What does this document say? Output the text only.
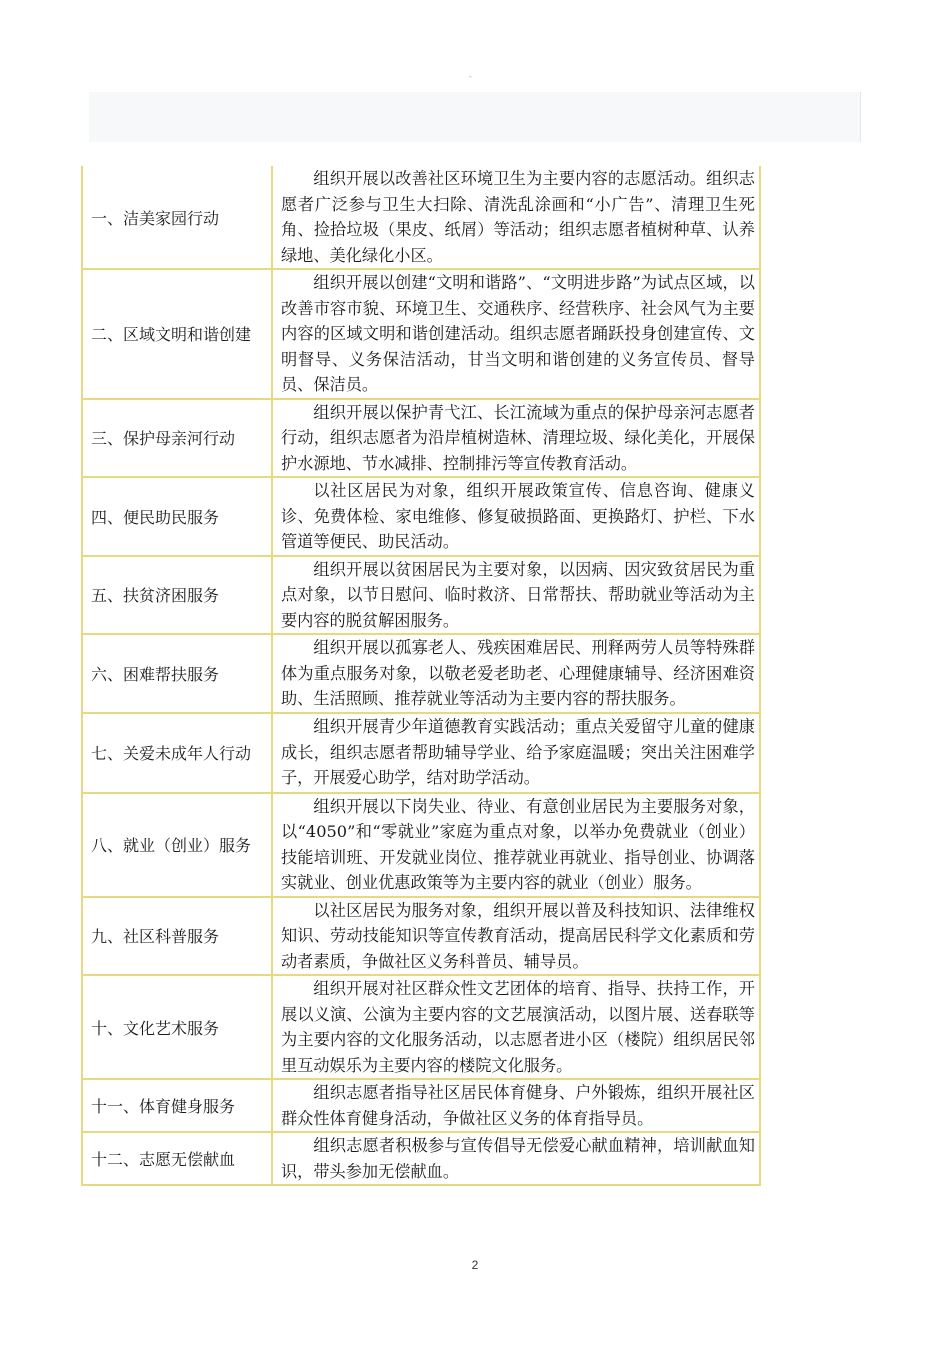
-
一、洁美家园行动	组织开展以改善社区环境卫生为主要内容的志愿活动。组织志愿者广泛参与卫生大扫除、清洗乱涂画和“小广告”、清理卫生死角、捡拾垃圾（果皮、纸屑）等活动；组织志愿者植树种草、认养绿地、美化绿化小区。
二、区域文明和谐创建	组织开展以创建“文明和谐路”、“文明进步路”为试点区域，以改善市容市貌、环境卫生、交通秩序、经营秩序、社会风气为主要内容的区域文明和谐创建活动。组织志愿者踊跃投身创建宣传、文明督导、义务保洁活动，甘当文明和谐创建的义务宣传员、督导员、保洁员。
三、保护母亲河行动	组织开展以保护青弋江、长江流域为重点的保护母亲河志愿者行动，组织志愿者为沿岸植树造林、清理垃圾、绿化美化，开展保护水源地、节水减排、控制排污等宣传教育活动。
四、便民助民服务	以社区居民为对象，组织开展政策宣传、信息咨询、健康义诊、免费体检、家电维修、修复破损路面、更换路灯、护栏、下水管道等便民、助民活动。
五、扶贫济困服务	组织开展以贫困居民为主要对象，以因病、因灾致贫居民为重点对象，以节日慰问、临时救济、日常帮扶、帮助就业等活动为主要内容的脱贫解困服务。
六、困难帮扶服务	组织开展以孤寡老人、残疾困难居民、刑释两劳人员等特殊群体为重点服务对象，以敬老爱老助老、心理健康辅导、经济困难资助、生活照顾、推荐就业等活动为主要内容的帮扶服务。
七、关爱未成年人行动	组织开展青少年道德教育实践活动；重点关爱留守儿童的健康成长，组织志愿者帮助辅导学业、给予家庭温暖；突出关注困难学子，开展爱心助学，结对助学活动。
八、就业（创业）服务	组织开展以下岗失业、待业、有意创业居民为主要服务对象，以“4050”和“零就业”家庭为重点对象，以举办免费就业（创业）技能培训班、开发就业岗位、推荐就业再就业、指导创业、协调落实就业、创业优惠政策等为主要内容的就业（创业）服务。
九、社区科普服务	以社区居民为服务对象，组织开展以普及科技知识、法律维权知识、劳动技能知识等宣传教育活动，提高居民科学文化素质和劳动者素质，争做社区义务科普员、辅导员。
十、文化艺术服务	组织开展对社区群众性文艺团体的培育、指导、扶持工作，开展以义演、公演为主要内容的文艺展演活动，以图片展、送春联等为主要内容的文化服务活动，以志愿者进小区（楼院）组织居民邻里互动娱乐为主要内容的楼院文化服务。
十一、体育健身服务	组织志愿者指导社区居民体育健身、户外锻炼，组织开展社区群众性体育健身活动，争做社区义务的体育指导员。
十二、志愿无偿献血	组织志愿者积极参与宣传倡导无偿爱心献血精神，培训献血知识，带头参加无偿献血。
2
